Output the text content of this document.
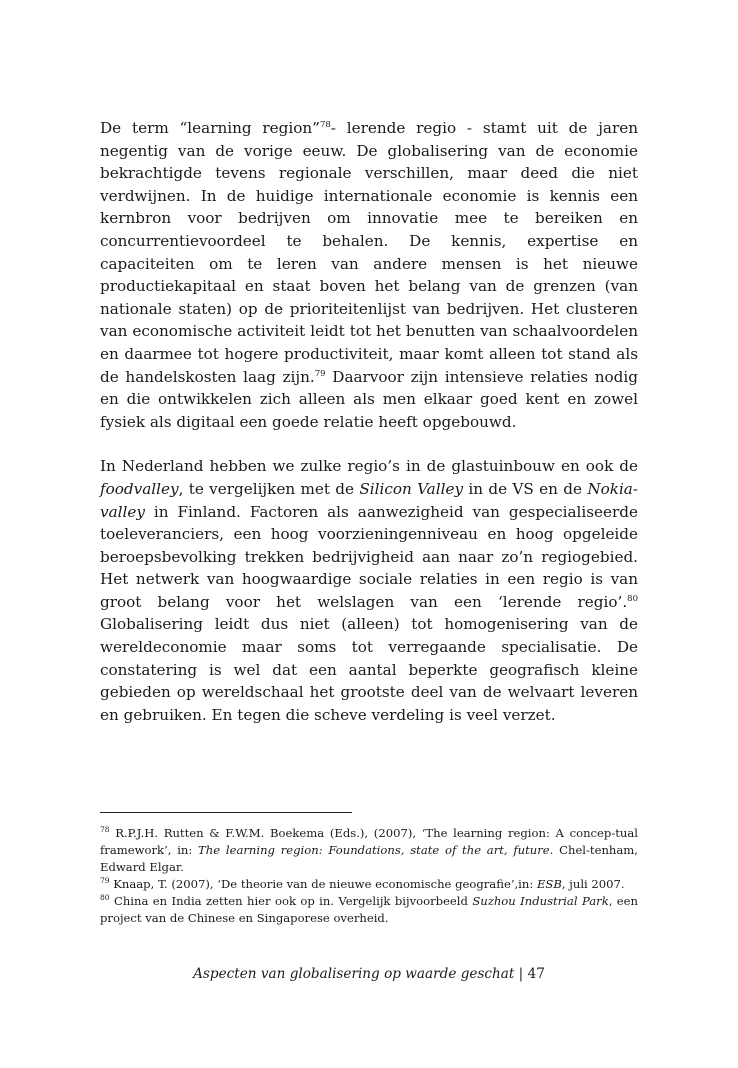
De term “learning region”$^{78}$- lerende regio - stamt uit de jaren negentig van de vorige eeuw. De globalisering van de economie bekrachtigde tevens regionale verschillen, maar deed die niet verdwijnen. In de huidige internationale economie is kennis een kernbron voor bedrijven om innovatie mee te bereiken en concurrentievoordeel te behalen. De kennis, expertise en capaciteiten om te leren van andere mensen is het nieuwe productiekapitaal en staat boven het belang van de grenzen (van nationale staten) op de prioriteitenlijst van bedrijven. Het clusteren van economische activiteit leidt tot het benutten van schaalvoordelen en daarmee tot hogere productiviteit, maar komt alleen tot stand als de handelskosten laag zijn.$^{79}$ Daarvoor zijn intensieve relaties nodig en die ontwikkelen zich alleen als men elkaar goed kent en zowel fysiek als digitaal een goede relatie heeft opgebouwd.

In Nederland hebben we zulke regio’s in de glastuinbouw en ook de foodvalley, te vergelijken met de Silicon Valley in de VS en de Nokia-valley in Finland. Factoren als aanwezigheid van gespecialiseerde toeleveranciers, een hoog voorzieningenniveau en hoog opgeleide beroepsbevolking trekken bedrijvigheid aan naar zo’n regiogebied. Het netwerk van hoogwaardige sociale relaties in een regio is van groot belang voor het welslagen van een ‘lerende regio’.$^{80}$ Globalisering leidt dus niet (alleen) tot homogenisering van de wereldeconomie maar soms tot verregaande specialisatie. De constatering is wel dat een aantal beperkte geografisch kleine gebieden op wereldschaal het grootste deel van de welvaart leveren en gebruiken. En tegen die scheve verdeling is veel verzet.

$^{78}$ R.P.J.H. Rutten & F.W.M. Boekema (Eds.), (2007), ‘The learning region: A concep-tual framework’, in: The learning region: Foundations, state of the art, future. Chel-tenham, Edward Elgar.

$^{79}$ Knaap, T. (2007), ‘De theorie van de nieuwe economische geografie’,in: ESB, juli 2007.

$^{80}$ China en India zetten hier ook op in. Vergelijk bijvoorbeeld Suzhou Industrial Park, een project van de Chinese en Singaporese overheid.

Aspecten van globalisering op waarde geschat | 47
